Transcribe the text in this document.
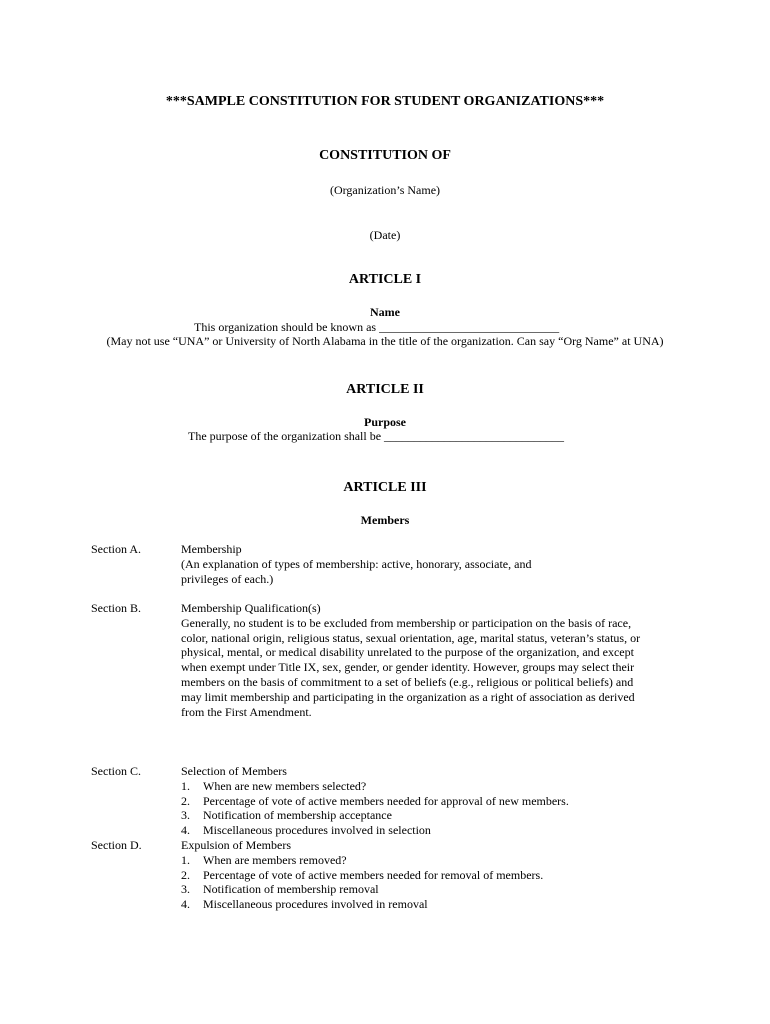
***SAMPLE CONSTITUTION FOR STUDENT ORGANIZATIONS***
CONSTITUTION OF
(Organization’s Name)
(Date)
ARTICLE I
Name
This organization should be known as ______________________________
(May not use “UNA” or University of North Alabama in the title of the organization. Can say “Org Name” at UNA)
ARTICLE II
Purpose
The purpose of the organization shall be ______________________________
ARTICLE III
Members
Section A.	Membership
(An explanation of types of membership: active, honorary, associate, and
privileges of each.)
Section B.	Membership Qualification(s)
Generally, no student is to be excluded from membership or participation on the basis of race,
color, national origin, religious status, sexual orientation, age, marital status, veteran’s status, or
physical, mental, or medical disability unrelated to the purpose of the organization, and except
when exempt under Title IX, sex, gender, or gender identity. However, groups may select their
members on the basis of commitment to a set of beliefs (e.g., religious or political beliefs) and
may limit membership and participating in the organization as a right of association as derived
from the First Amendment.
Section C.	Selection of Members
1. When are new members selected?
2. Percentage of vote of active members needed for approval of new members.
3. Notification of membership acceptance
4. Miscellaneous procedures involved in selection
Section D.	Expulsion of Members
1. When are members removed?
2. Percentage of vote of active members needed for removal of members.
3. Notification of membership removal
4. Miscellaneous procedures involved in removal
